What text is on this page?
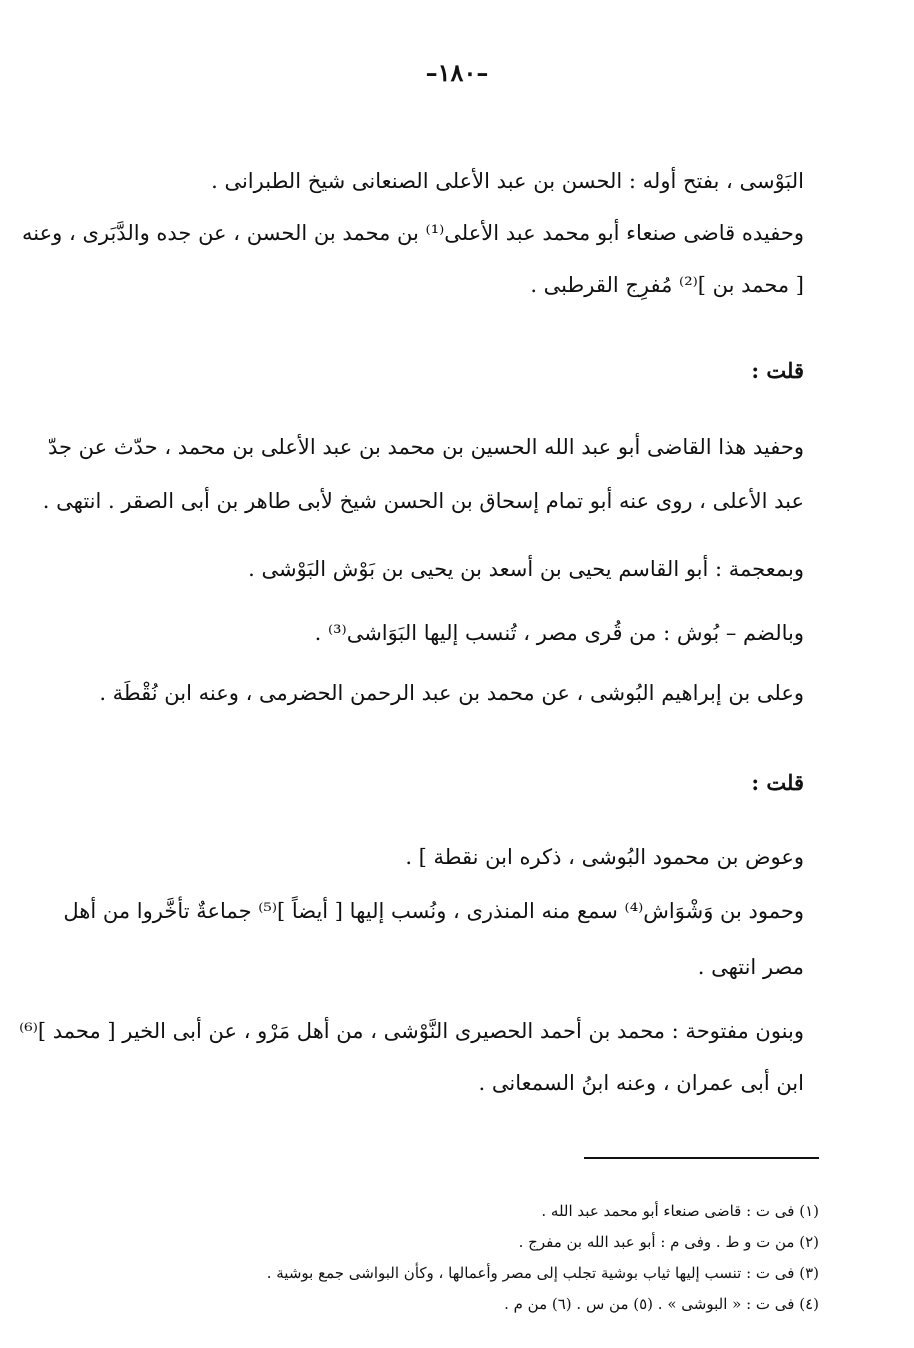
–١٨٠–
البَوْسى ، بفتح أوله : الحسن بن عبد الأعلى الصنعانى شيخ الطبرانى .
وحفيده قاضى صنعاء أبو محمد عبد الأعلى⁽¹⁾ بن محمد بن الحسن ، عن جده والدَّبَرى ، وعنه
[ محمد بن ]⁽²⁾ مُفرِج القرطبى .
قلت :
وحفيد هذا القاضى أبو عبد الله الحسين بن محمد بن عبد الأعلى بن محمد ، حدّث عن جدّ
عبد الأعلى ، روى عنه أبو تمام إسحاق بن الحسن شيخ لأبى طاهر بن أبى الصقر . انتهى .
وبمعجمة : أبو القاسم يحيى بن أسعد بن يحيى بن بَوْش البَوْشى .
وبالضم – بُوش : من قُرى مصر ، تُنسب إليها البَوَاشى⁽³⁾ .
وعلى بن إبراهيم البُوشى ، عن محمد بن عبد الرحمن الحضرمى ، وعنه ابن نُقْطَة .
قلت :
وعوض بن محمود البُوشى ، ذكره ابن نقطة ] .
وحمود بن وَشْوَاش⁽⁴⁾ سمع منه المنذرى ، ونُسب إليها [ أيضاً ]⁽⁵⁾ جماعةٌ تأخَّروا من أهل
مصر انتهى .
وبنون مفتوحة : محمد بن أحمد الحصيرى النَّوْشى ، من أهل مَرْو ، عن أبى الخير [ محمد ]⁽⁶⁾
ابن أبى عمران ، وعنه ابنُ السمعانى .
(١) فى ت : قاضى صنعاء أبو محمد عبد الله .
(٢) من ت و ط . وفى م : أبو عبد الله بن مفرج .
(٣) فى ت : تنسب إليها ثياب بوشية تجلب إلى مصر وأعمالها ، وكأن البواشى جمع بوشية .
(٤) فى ت : « البوشى » . (٥) من س . (٦) من م .
